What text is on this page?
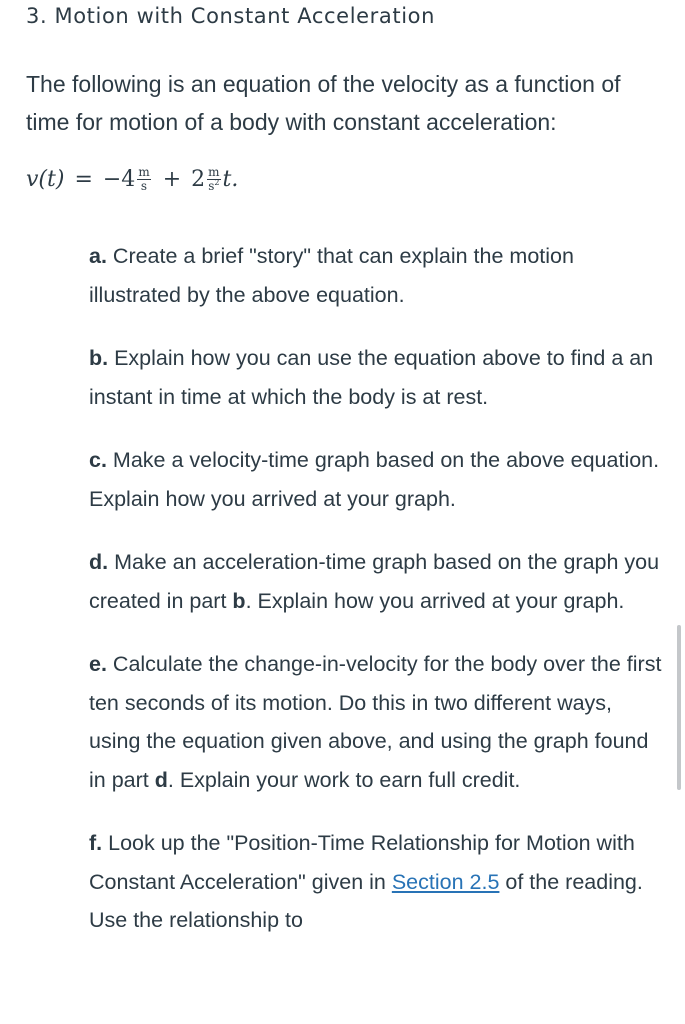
3. Motion with Constant Acceleration

The following is an equation of the velocity as a function of time for motion of a body with constant acceleration:

$v(t) = -4 \frac{m}{s} + 2 \frac{m}{s^2} t$.

a. Create a brief "story" that can explain the motion illustrated by the above equation.

b. Explain how you can use the equation above to find a an instant in time at which the body is at rest.

c. Make a velocity-time graph based on the above equation. Explain how you arrived at your graph.

d. Make an acceleration-time graph based on the graph you created in part b. Explain how you arrived at your graph.

e. Calculate the change-in-velocity for the body over the first ten seconds of its motion. Do this in two different ways, using the equation given above, and using the graph found in part d. Explain your work to earn full credit.

f. Look up the "Position-Time Relationship for Motion with Constant Acceleration" given in Section 2.5 of the reading. Use the relationship to
